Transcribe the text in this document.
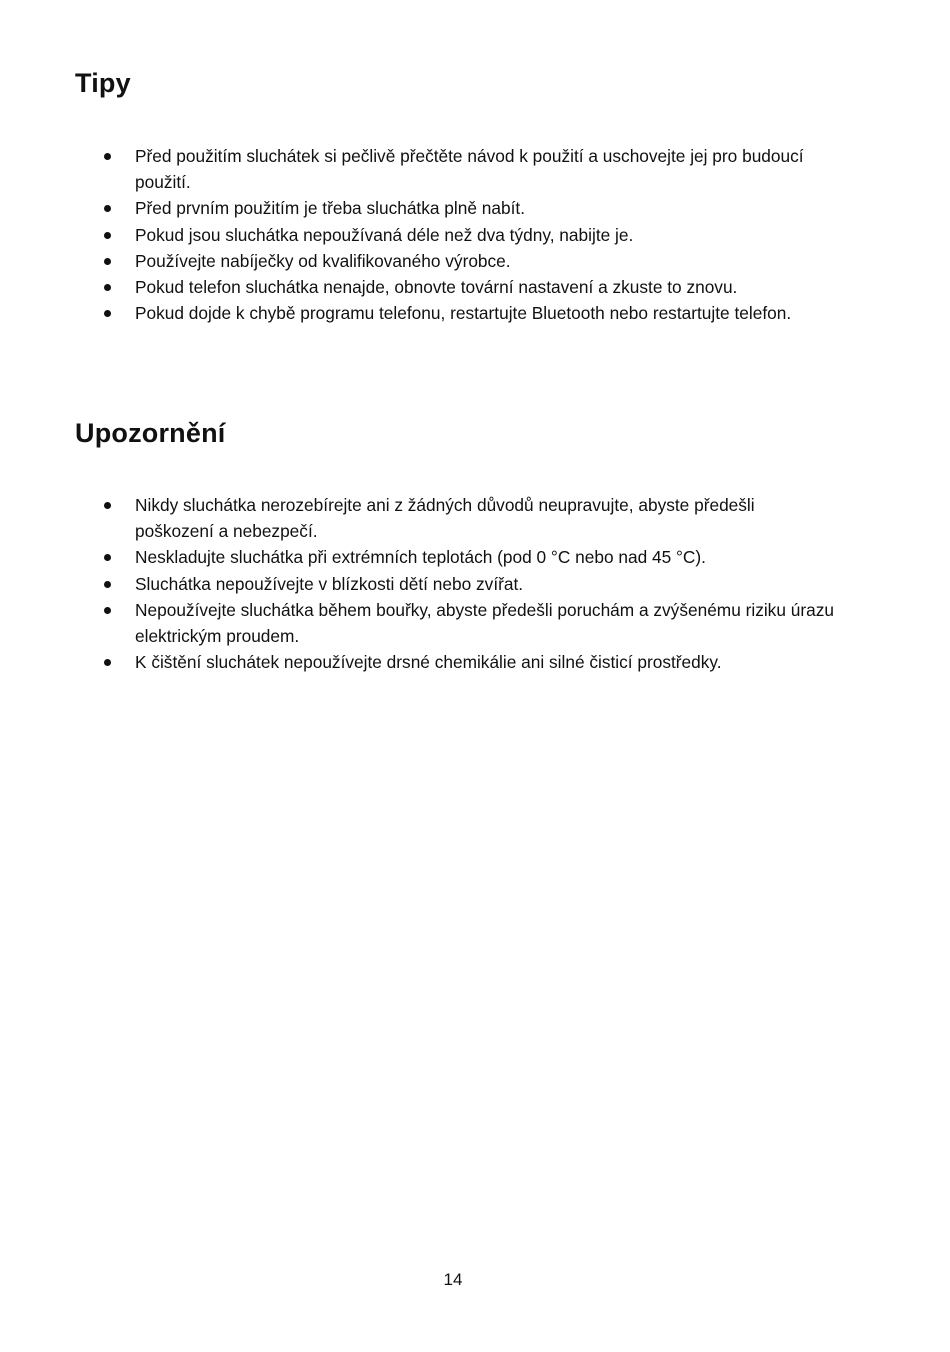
Tipy
Před použitím sluchátek si pečlivě přečtěte návod k použití a uschovejte jej pro budoucí použití.
Před prvním použitím je třeba sluchátka plně nabít.
Pokud jsou sluchátka nepoužívaná déle než dva týdny, nabijte je.
Používejte nabíječky od kvalifikovaného výrobce.
Pokud telefon sluchátka nenajde, obnovte tovární nastavení a zkuste to znovu.
Pokud dojde k chybě programu telefonu, restartujte Bluetooth nebo restartujte telefon.
Upozornění
Nikdy sluchátka nerozebírejte ani z žádných důvodů neupravujte, abyste předešli poškození a nebezpečí.
Neskladujte sluchátka při extrémních teplotách (pod 0 °C nebo nad 45 °C).
Sluchátka nepoužívejte v blízkosti dětí nebo zvířat.
Nepoužívejte sluchátka během bouřky, abyste předešli poruchám a zvýšenému riziku úrazu elektrickým proudem.
K čištění sluchátek nepoužívejte drsné chemikálie ani silné čisticí prostředky.
14
